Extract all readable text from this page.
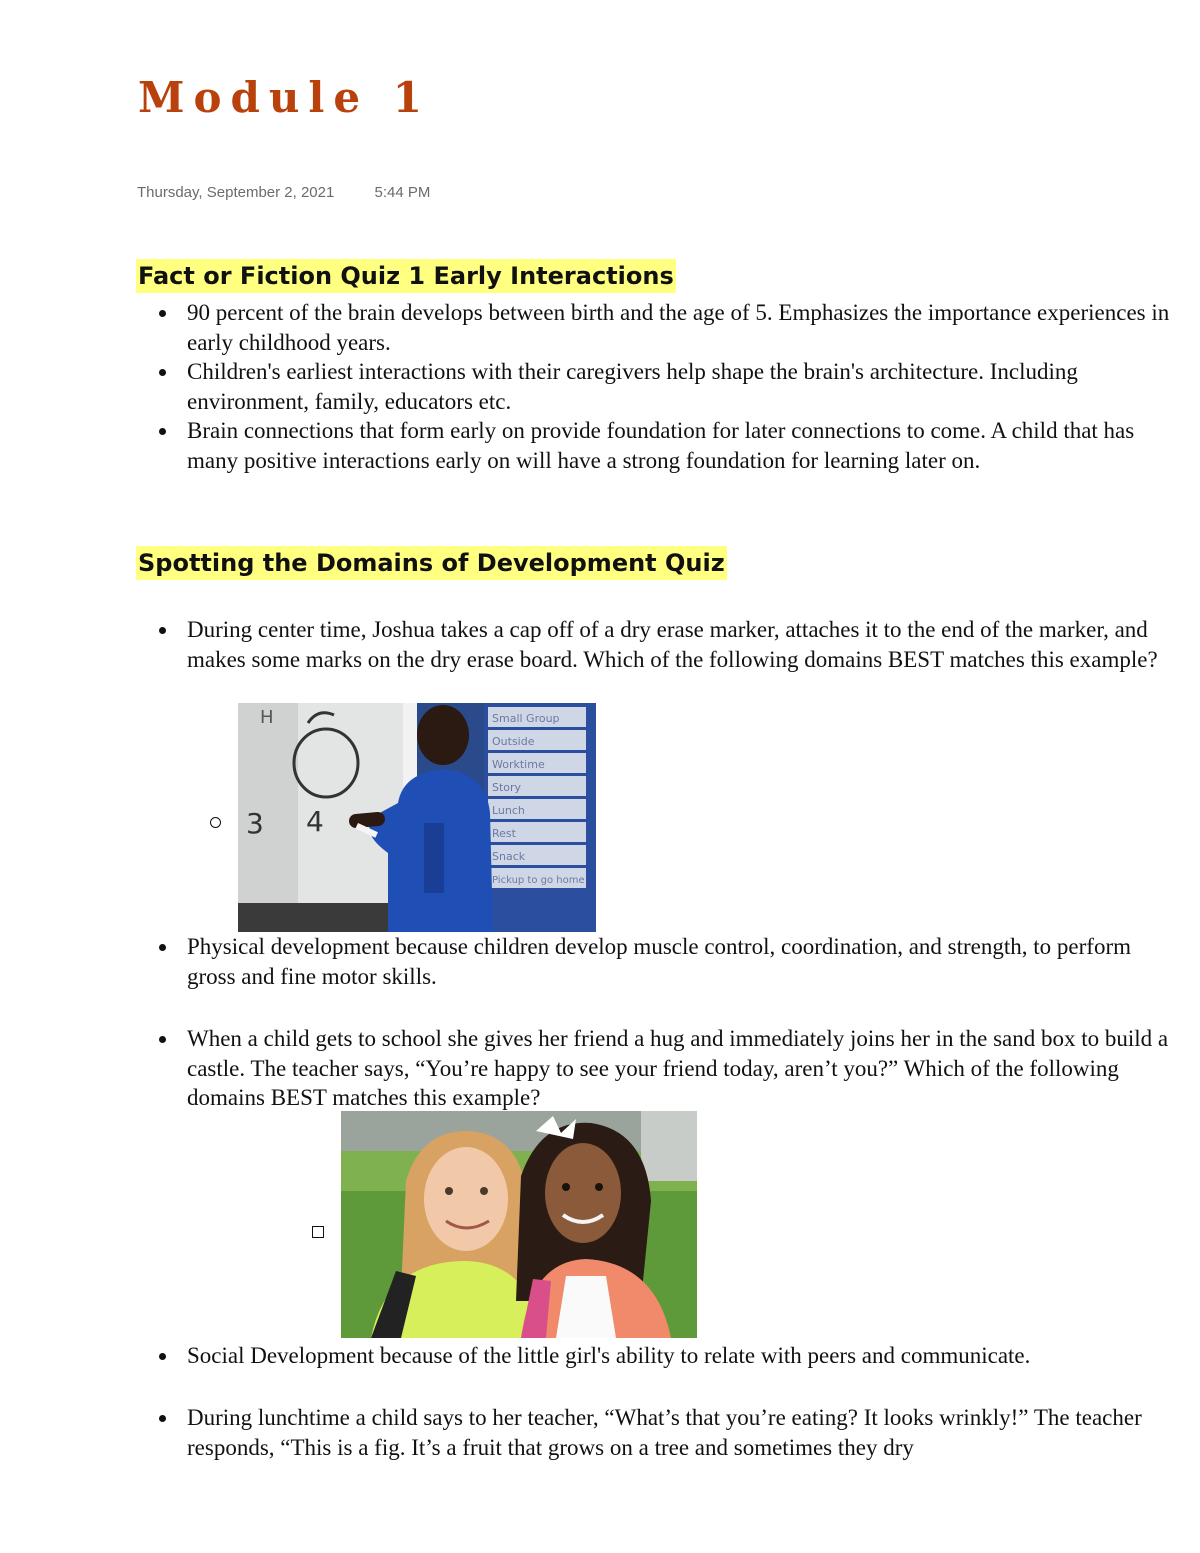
Module 1
Thursday, September 2, 2021	5:44 PM
Fact or Fiction Quiz 1 Early Interactions
90 percent of the brain develops between birth and the age of 5. Emphasizes the importance experiences in early childhood years.
Children's earliest interactions with their caregivers help shape the brain's architecture. Including environment, family, educators etc.
Brain connections that form early on provide foundation for later connections to come. A child that has many positive interactions early on will have a strong foundation for learning later on.
Spotting the Domains of Development Quiz
During center time, Joshua takes a cap off of a dry erase marker, attaches it to the end of the marker, and makes some marks on the dry erase board. Which of the following domains BEST matches this example?
H
3 4
Small Group
Outside
Worktime
Story
Lunch
Rest
Snack
Pickup to go home
Physical development because children develop muscle control, coordination, and strength, to perform gross and fine motor skills.
When a child gets to school she gives her friend a hug and immediately joins her in the sand box to build a castle. The teacher says, “You’re happy to see your friend today, aren’t you?” Which of the following domains BEST matches this example?
Social Development because of the little girl's ability to relate with peers and communicate.
During lunchtime a child says to her teacher, “What’s that you’re eating? It looks wrinkly!” The teacher responds, “This is a fig. It’s a fruit that grows on a tree and sometimes they dry
